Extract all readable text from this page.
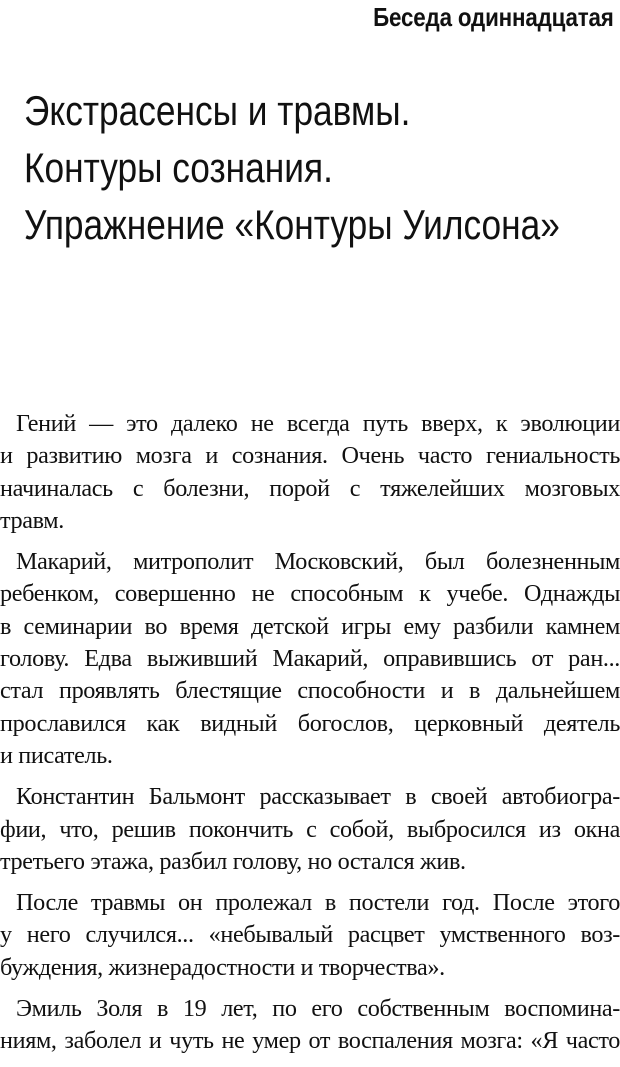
Беседа одиннадцатая
Экстрасенсы и травмы.
Контуры сознания.
Упражнение «Контуры Уилсона»
Гений — это далеко не всегда путь вверх, к эволюции
и развитию мозга и сознания. Очень часто гениальность
начиналась с болезни, порой с тяжелейших мозговых
травм.
Макарий, митрополит Московский, был болезненным
ребенком, совершенно не способным к учебе. Однажды
в семинарии во время детской игры ему разбили камнем
голову. Едва выживший Макарий, оправившись от ран...
стал проявлять блестящие способности и в дальнейшем
прославился как видный богослов, церковный деятель
и писатель.
Константин Бальмонт рассказывает в своей автобиогра-
фии, что, решив покончить с собой, выбросился из окна
третьего этажа, разбил голову, но остался жив.
После травмы он пролежал в постели год. После этого
у него случился... «небывалый расцвет умственного воз-
буждения, жизнерадостности и творчества».
Эмиль Золя в 19 лет, по его собственным воспомина-
ниям, заболел и чуть не умер от воспаления мозга: «Я часто
